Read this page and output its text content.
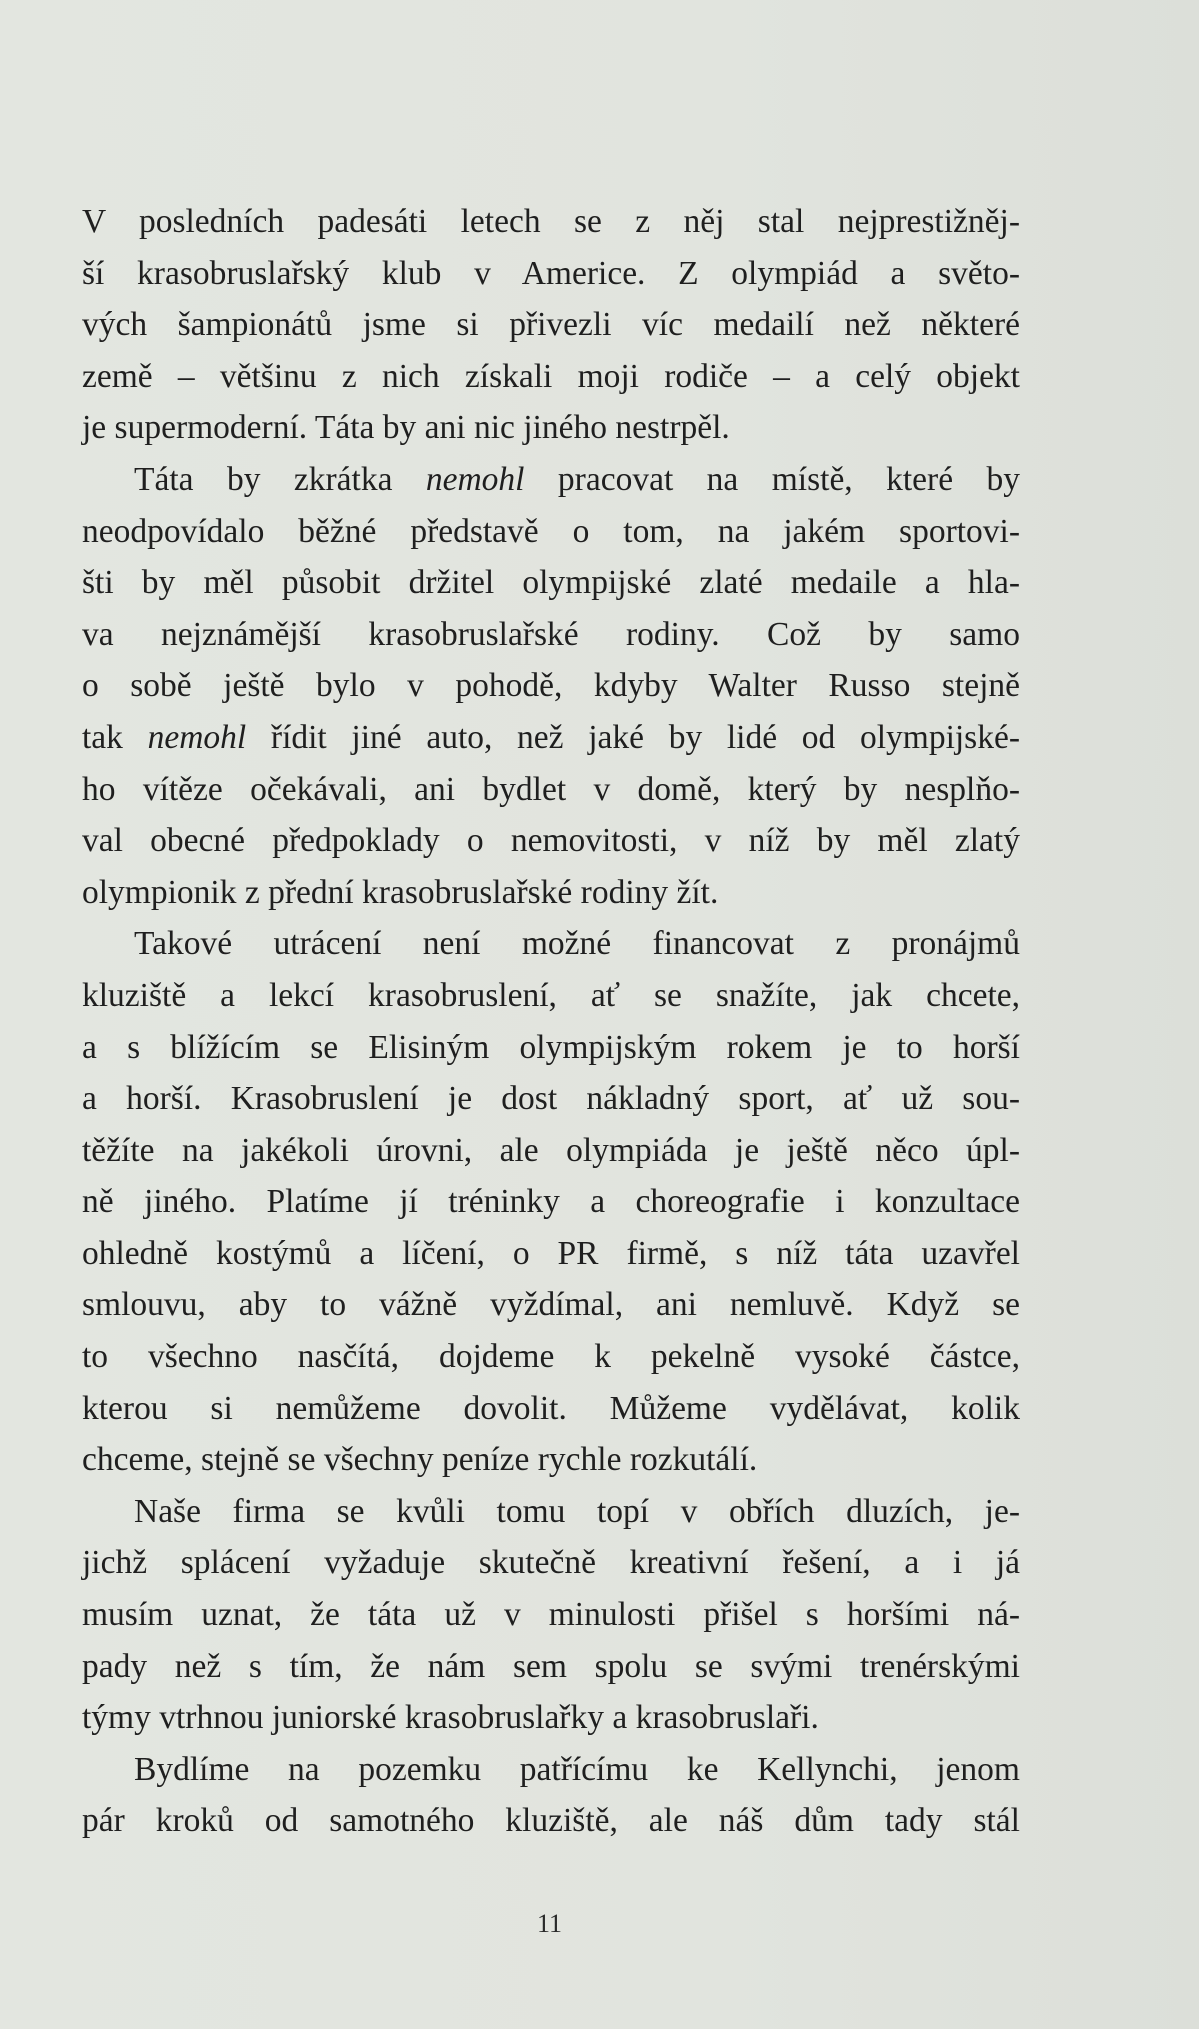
V posledních padesáti letech se z něj stal nejprestižněj-
ší krasobruslařský klub v Americe. Z olympiád a světo-
vých šampionátů jsme si přivezli víc medailí než některé
země – většinu z nich získali moji rodiče – a celý objekt
je supermoderní. Táta by ani nic jiného nestrpěl.
Táta by zkrátka nemohl pracovat na místě, které by
neodpovídalo běžné představě o tom, na jakém sportovi-
šti by měl působit držitel olympijské zlaté medaile a hla-
va nejznámější krasobruslařské rodiny. Což by samo
o sobě ještě bylo v pohodě, kdyby Walter Russo stejně
tak nemohl řídit jiné auto, než jaké by lidé od olympijské-
ho vítěze očekávali, ani bydlet v domě, který by nesplňo-
val obecné předpoklady o nemovitosti, v níž by měl zlatý
olympionik z přední krasobruslařské rodiny žít.
Takové utrácení není možné financovat z pronájmů
kluziště a lekcí krasobruslení, ať se snažíte, jak chcete,
a s blížícím se Elisiným olympijským rokem je to horší
a horší. Krasobruslení je dost nákladný sport, ať už sou-
těžíte na jakékoli úrovni, ale olympiáda je ještě něco úpl-
ně jiného. Platíme jí tréninky a choreografie i konzultace
ohledně kostýmů a líčení, o PR firmě, s níž táta uzavřel
smlouvu, aby to vážně vyždímal, ani nemluvě. Když se
to všechno nasčítá, dojdeme k pekelně vysoké částce,
kterou si nemůžeme dovolit. Můžeme vydělávat, kolik
chceme, stejně se všechny peníze rychle rozkutálí.
Naše firma se kvůli tomu topí v obřích dluzích, je-
jichž splácení vyžaduje skutečně kreativní řešení, a i já
musím uznat, že táta už v minulosti přišel s horšími ná-
pady než s tím, že nám sem spolu se svými trenérskými
týmy vtrhnou juniorské krasobruslařky a krasobruslaři.
Bydlíme na pozemku patřícímu ke Kellynchi, jenom
pár kroků od samotného kluziště, ale náš dům tady stál
11
